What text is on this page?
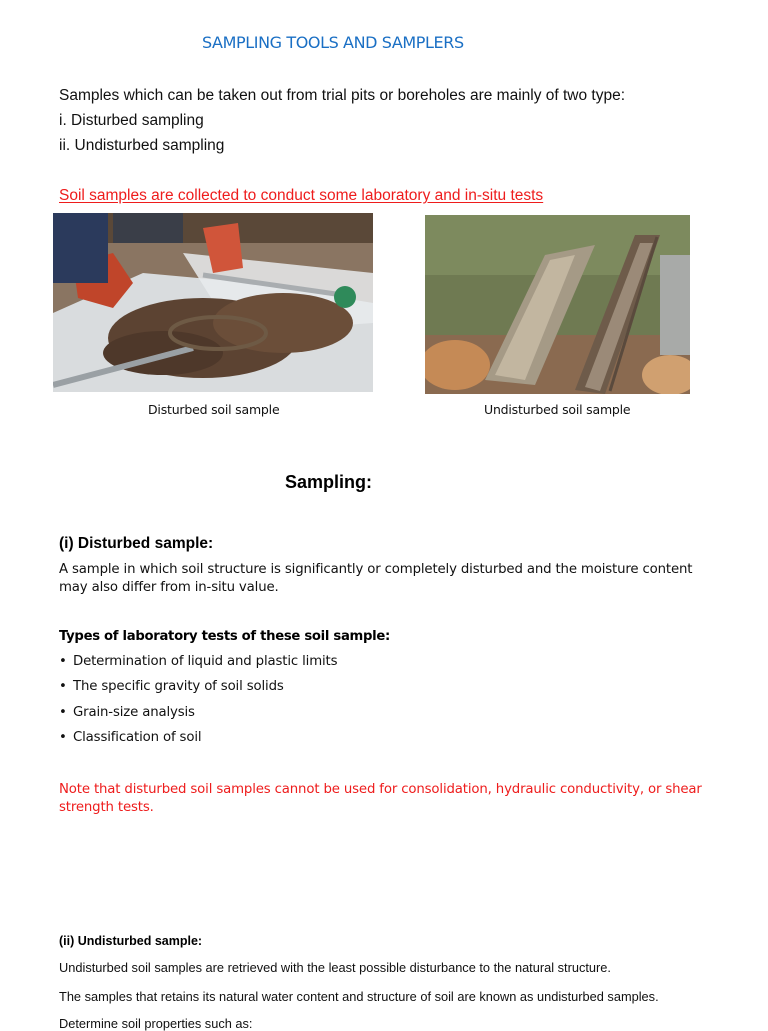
SAMPLING TOOLS AND SAMPLERS
Samples which can be taken out from trial pits or boreholes are mainly of two type:
i. Disturbed sampling
ii. Undisturbed sampling
Soil samples are collected to conduct some laboratory and in-situ tests
Disturbed soil sample	Undisturbed soil sample
Sampling:
(i) Disturbed sample:
A sample in which soil structure is significantly or completely disturbed and the moisture content may also differ from in-situ value.
Types of laboratory tests of these soil sample:
• Determination of liquid and plastic limits
• The specific gravity of soil solids
• Grain-size analysis
• Classification of soil
Note that disturbed soil samples cannot be used for consolidation, hydraulic conductivity, or shear strength tests.
(ii) Undisturbed sample:
Undisturbed soil samples are retrieved with the least possible disturbance to the natural structure.
The samples that retains its natural water content and structure of soil are known as undisturbed samples.
Determine soil properties such as:
